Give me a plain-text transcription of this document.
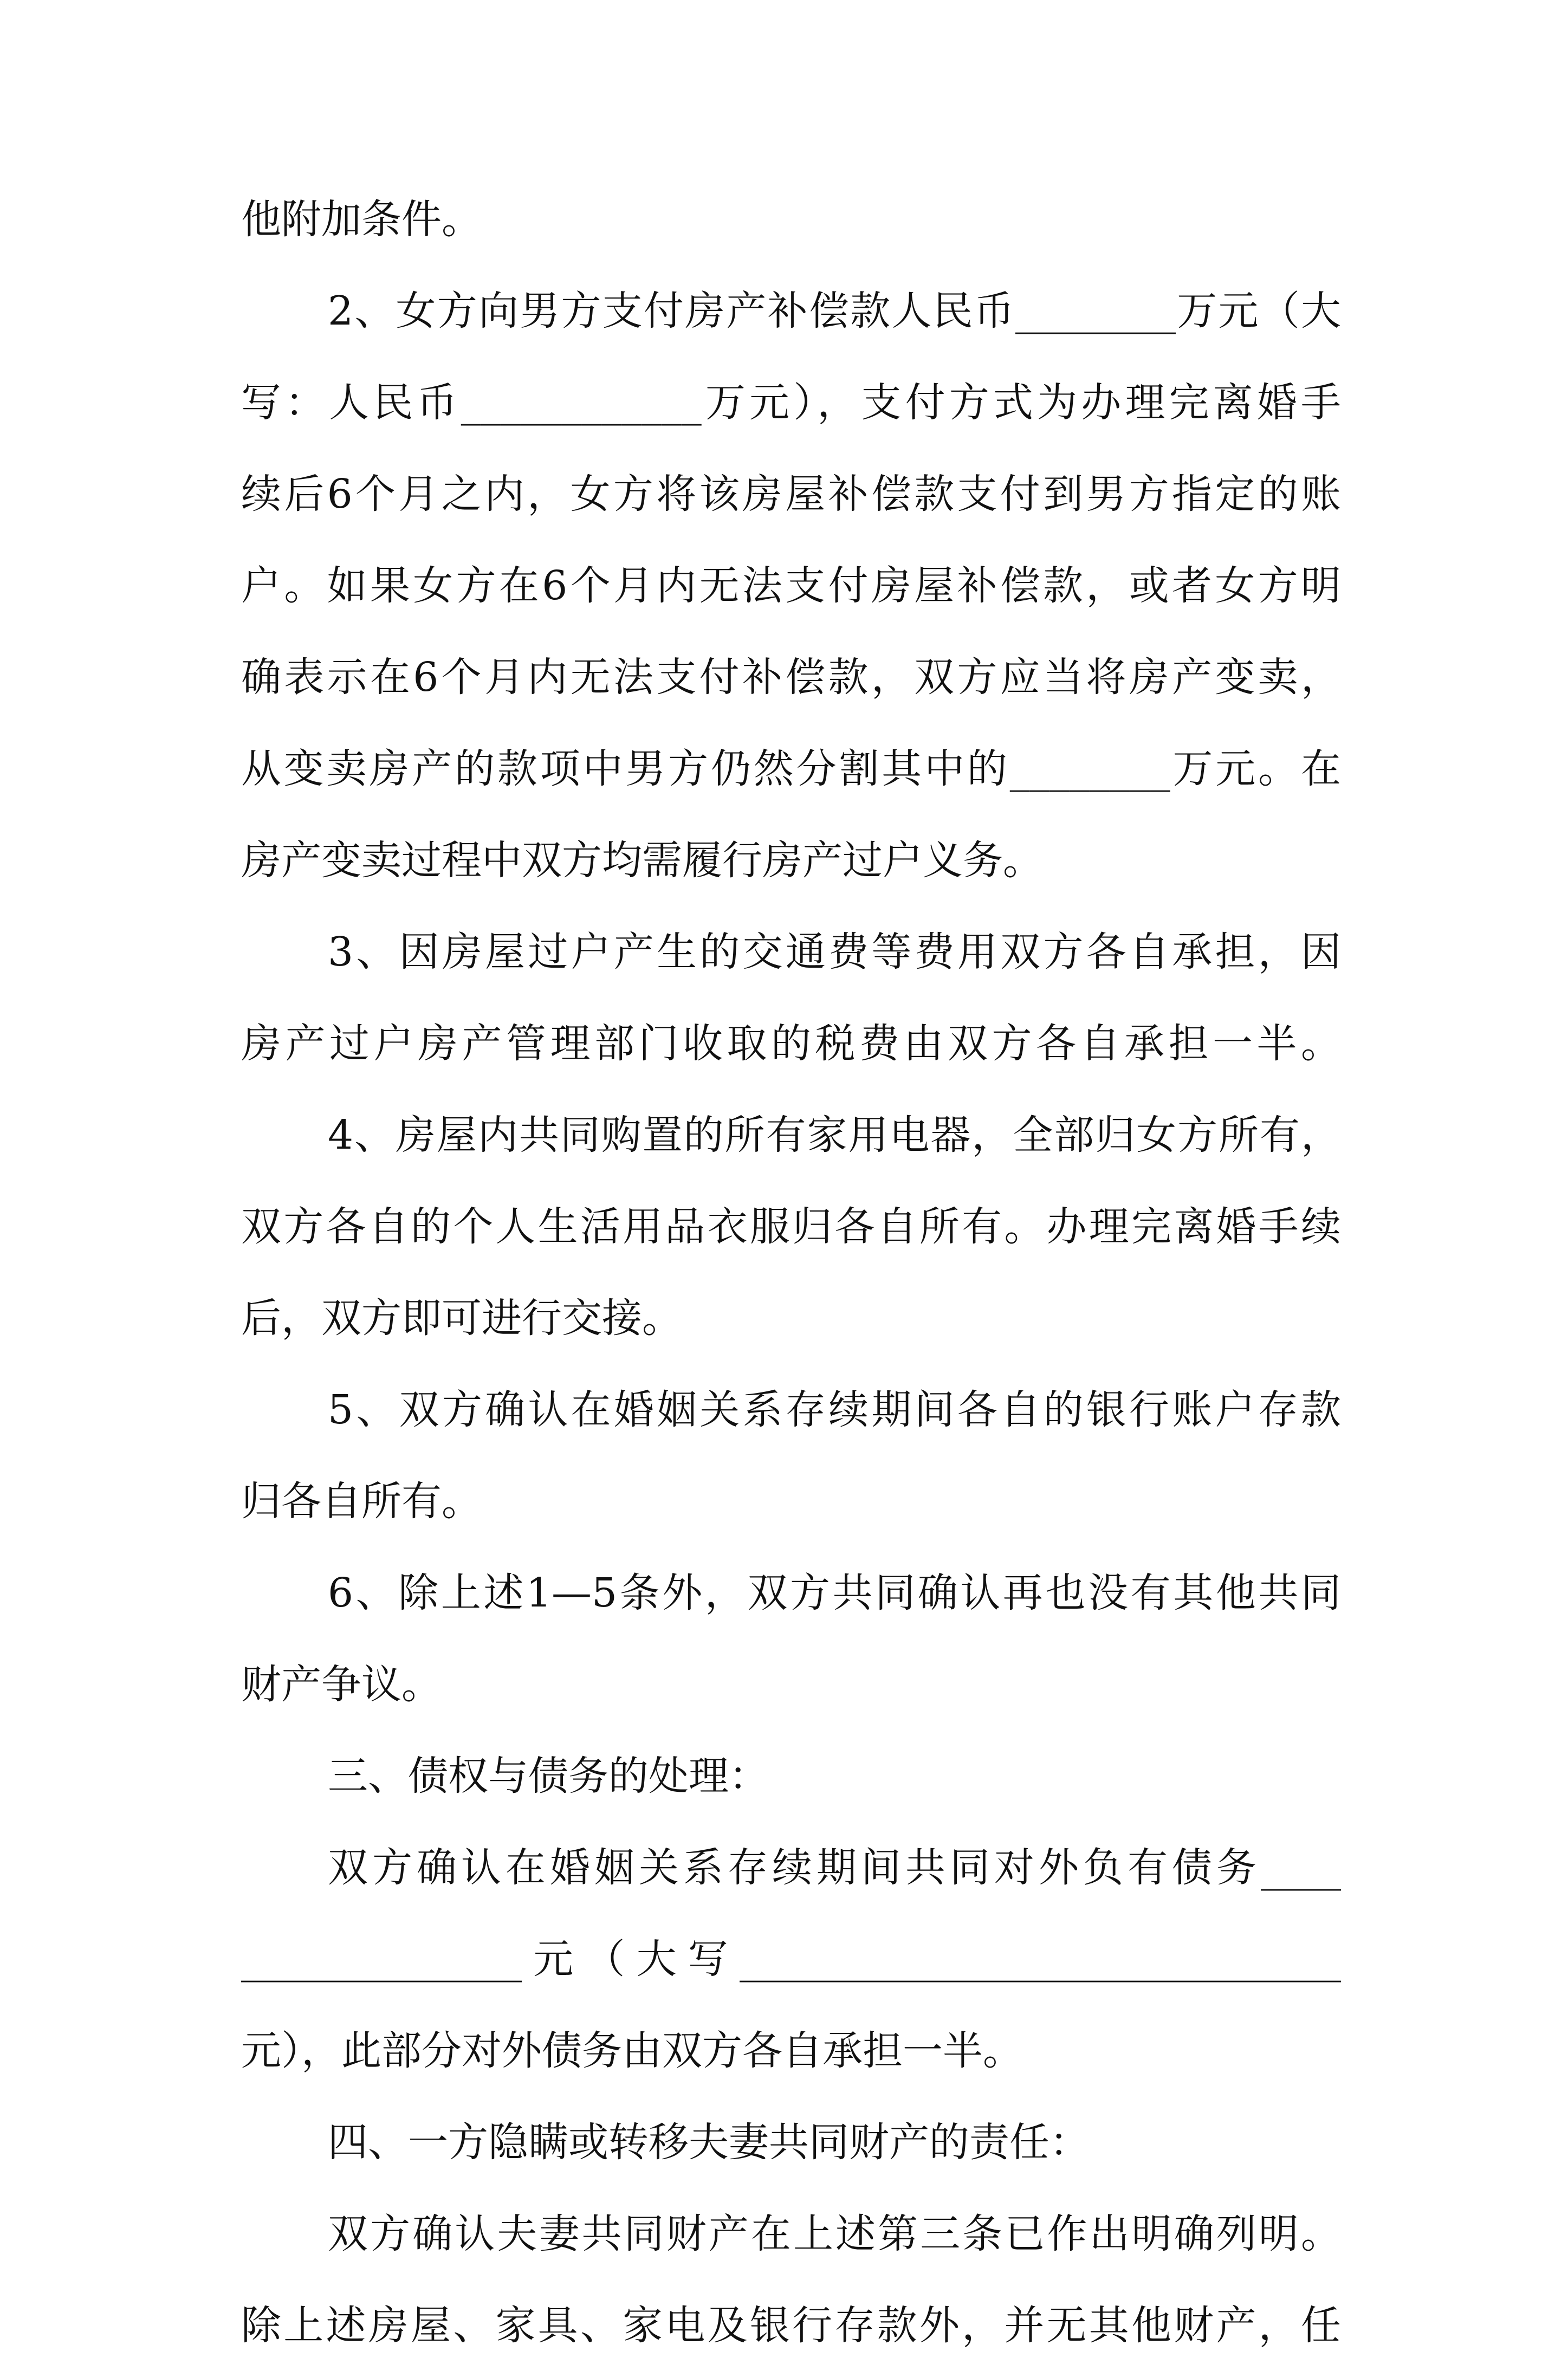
他附加条件。
2、女方向男方支付房产补偿款人民币________万元（大
写：人民币____________万元），支付方式为办理完离婚手
续后6个月之内，女方将该房屋补偿款支付到男方指定的账
户。如果女方在6个月内无法支付房屋补偿款，或者女方明
确表示在6个月内无法支付补偿款，双方应当将房产变卖，
从变卖房产的款项中男方仍然分割其中的________万元。在
房产变卖过程中双方均需履行房产过户义务。
3、因房屋过户产生的交通费等费用双方各自承担，因
房产过户房产管理部门收取的税费由双方各自承担一半。
4、房屋内共同购置的所有家用电器，全部归女方所有，
双方各自的个人生活用品衣服归各自所有。办理完离婚手续
后，双方即可进行交接。
5、双方确认在婚姻关系存续期间各自的银行账户存款
归各自所有。
6、除上述1—5条外，双方共同确认再也没有其他共同
财产争议。
三、债权与债务的处理：
双方确认在婚姻关系存续期间共同对外负有债务____
______________元（大写______________________________
元），此部分对外债务由双方各自承担一半。
四、一方隐瞒或转移夫妻共同财产的责任：
双方确认夫妻共同财产在上述第三条已作出明确列明。
除上述房屋、家具、家电及银行存款外，并无其他财产，任
